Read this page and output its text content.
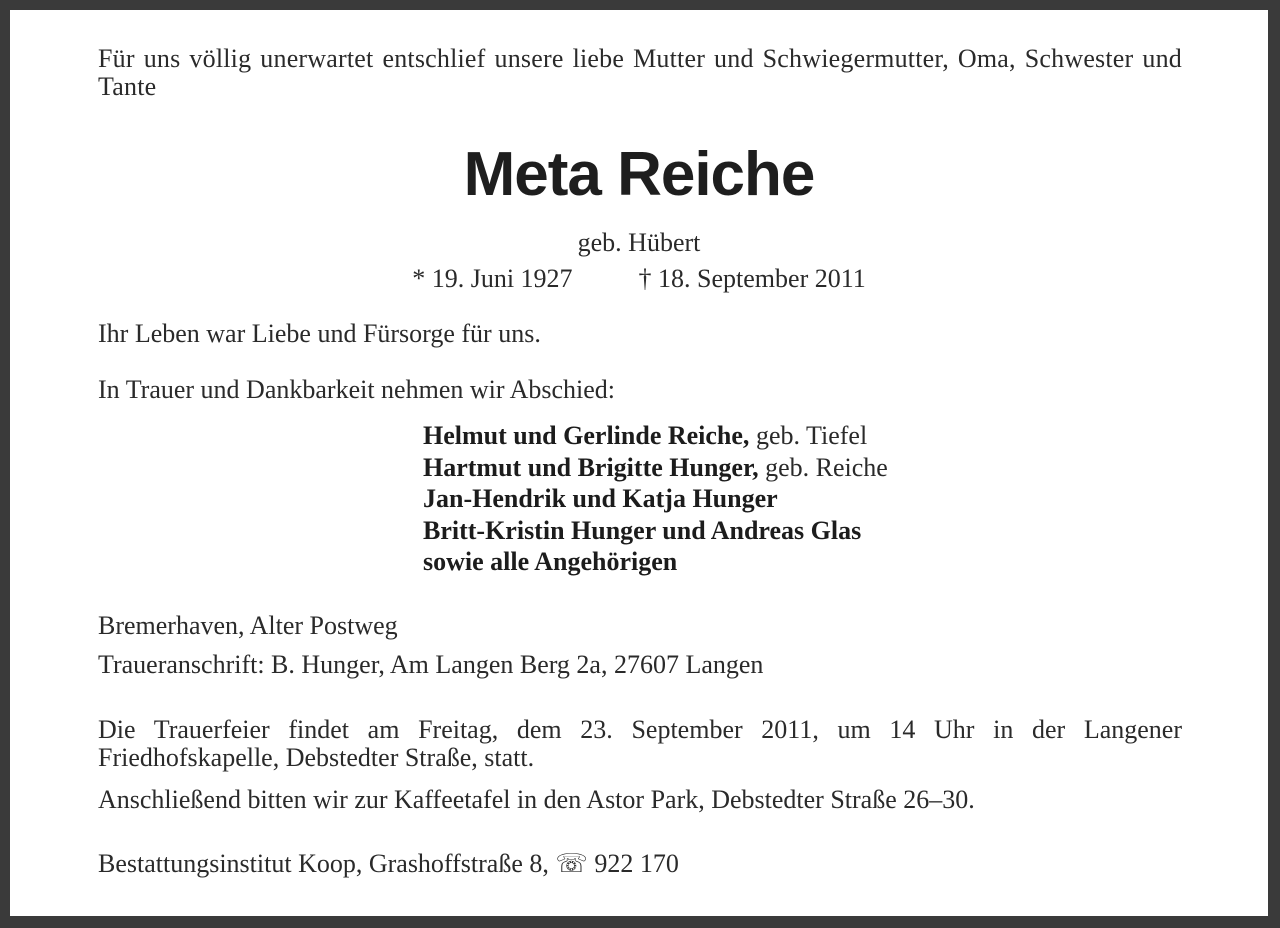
Für uns völlig unerwartet entschlief unsere liebe Mutter und Schwiegermutter, Oma, Schwester und Tante
Meta Reiche
geb. Hübert
* 19. Juni 1927	† 18. September 2011
Ihr Leben war Liebe und Fürsorge für uns.
In Trauer und Dankbarkeit nehmen wir Abschied:
Helmut und Gerlinde Reiche, geb. Tiefel
Hartmut und Brigitte Hunger, geb. Reiche
Jan-Hendrik und Katja Hunger
Britt-Kristin Hunger und Andreas Glas
sowie alle Angehörigen
Bremerhaven, Alter Postweg
Traueranschrift: B. Hunger, Am Langen Berg 2a, 27607 Langen
Die Trauerfeier findet am Freitag, dem 23. September 2011, um 14 Uhr in der Langener Friedhofskapelle, Debstedter Straße, statt.
Anschließend bitten wir zur Kaffeetafel in den Astor Park, Debstedter Straße 26–30.
Bestattungsinstitut Koop, Grashoffstraße 8, ☏ 922 170
